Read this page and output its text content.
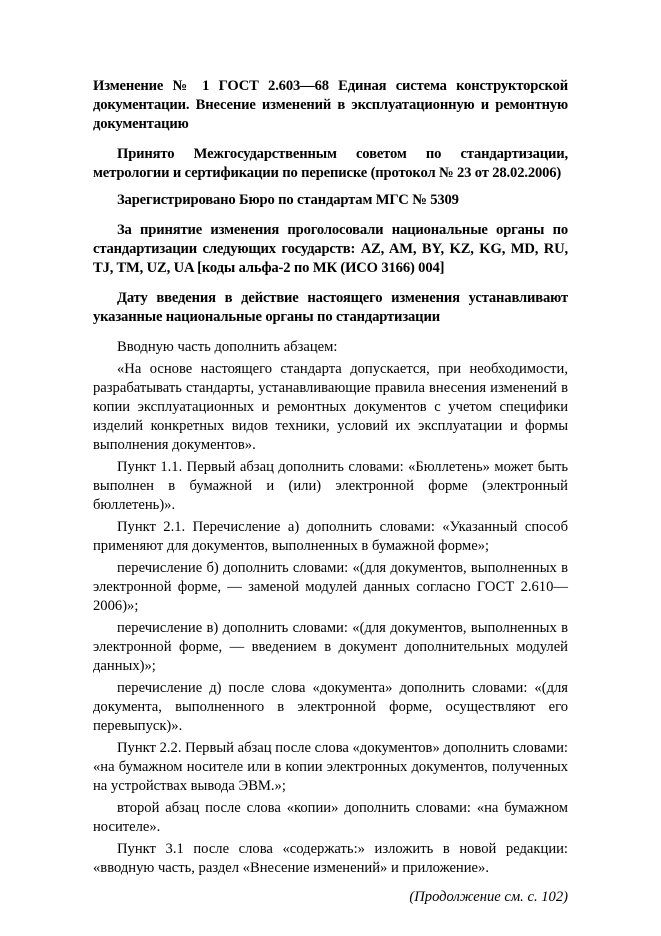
Изменение № 1 ГОСТ 2.603—68 Единая система конструкторской документации. Внесение изменений в эксплуатационную и ремонтную документацию

Принято Межгосударственным советом по стандартизации, метрологии и сертификации по переписке (протокол № 23 от 28.02.2006)

Зарегистрировано Бюро по стандартам МГС № 5309

За принятие изменения проголосовали национальные органы по стандартизации следующих государств: AZ, AM, BY, KZ, KG, MD, RU, TJ, TM, UZ, UA [коды альфа-2 по МК (ИСО 3166) 004]

Дату введения в действие настоящего изменения устанавливают указанные национальные органы по стандартизации

Вводную часть дополнить абзацем:

«На основе настоящего стандарта допускается, при необходимости, разрабатывать стандарты, устанавливающие правила внесения изменений в копии эксплуатационных и ремонтных документов с учетом специфики изделий конкретных видов техники, условий их эксплуатации и формы выполнения документов».

Пункт 1.1. Первый абзац дополнить словами: «Бюллетень» может быть выполнен в бумажной и (или) электронной форме (электронный бюллетень)».

Пункт 2.1. Перечисление а) дополнить словами: «Указанный способ применяют для документов, выполненных в бумажной форме»;

перечисление б) дополнить словами: «(для документов, выполненных в электронной форме, — заменой модулей данных согласно ГОСТ 2.610—2006)»;

перечисление в) дополнить словами: «(для документов, выполненных в электронной форме, — введением в документ дополнительных модулей данных)»;

перечисление д) после слова «документа» дополнить словами: «(для документа, выполненного в электронной форме, осуществляют его перевыпуск)».

Пункт 2.2. Первый абзац после слова «документов» дополнить словами: «на бумажном носителе или в копии электронных документов, полученных на устройствах вывода ЭВМ.»;

второй абзац после слова «копии» дополнить словами: «на бумажном носителе».

Пункт 3.1 после слова «содержать:» изложить в новой редакции: «вводную часть, раздел «Внесение изменений» и приложение».

(Продолжение см. с. 102)
